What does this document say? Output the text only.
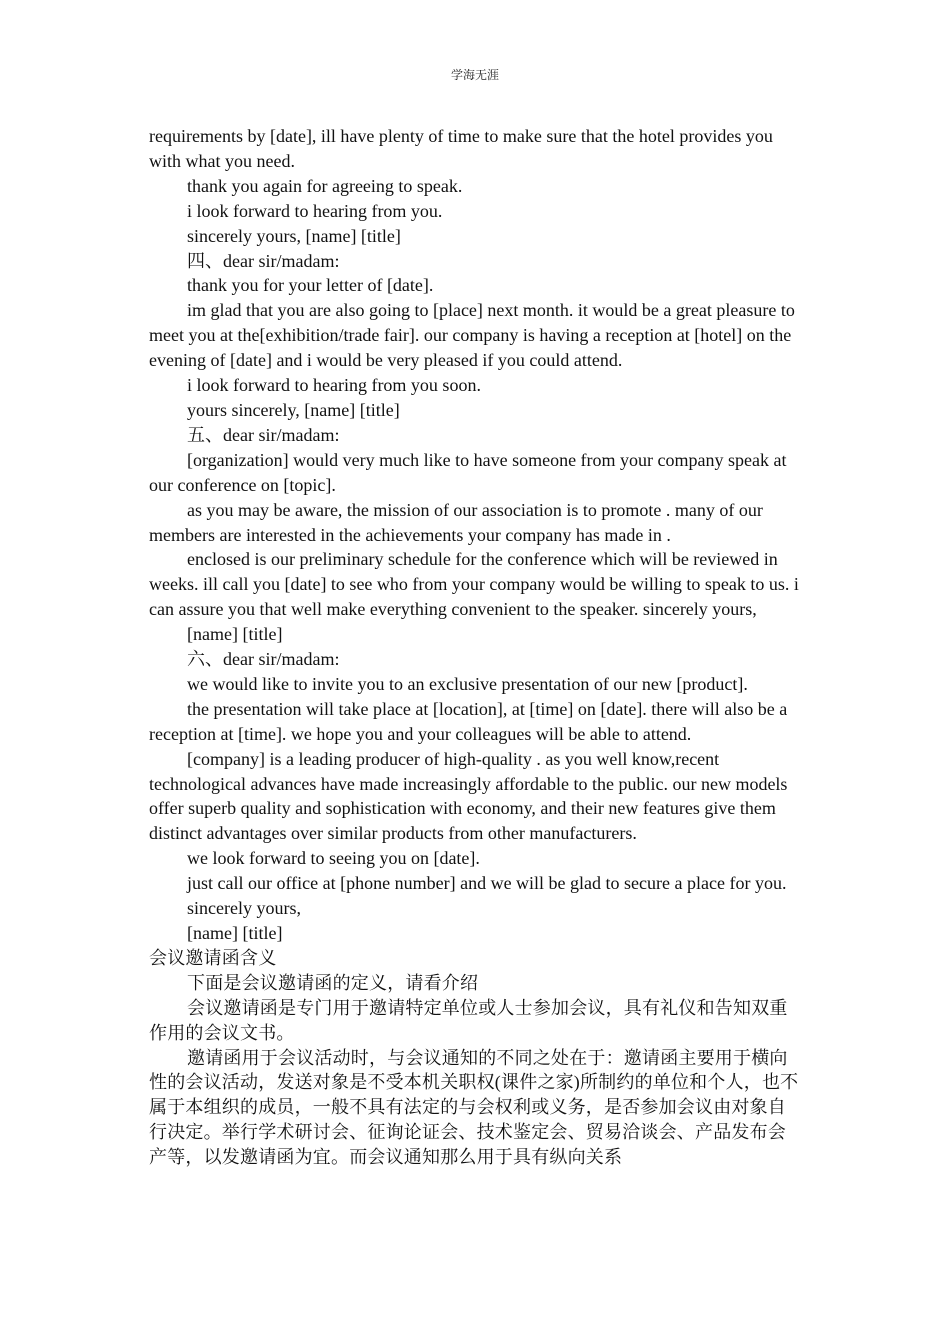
学海无涯

requirements by [date], ill have plenty of time to make sure that the hotel provides you with what you need.

thank you again for agreeing to speak.

i look forward to hearing from you.

sincerely yours, [name] [title]

四、dear sir/madam:

thank you for your letter of [date].

im glad that you are also going to [place] next month. it would be a great pleasure to meet you at the[exhibition/trade fair]. our company is having a reception at [hotel] on the evening of [date] and i would be very pleased if you could attend.

i look forward to hearing from you soon.

yours sincerely, [name] [title]

五、dear sir/madam:

[organization] would very much like to have someone from your company speak at our conference on [topic].

as you may be aware, the mission of our association is to promote . many of our members are interested in the achievements your company has made in .

enclosed is our preliminary schedule for the conference which will be reviewed in weeks. ill call you [date] to see who from your company would be willing to speak to us. i can assure you that well make everything convenient to the speaker. sincerely yours,

[name] [title]

六、dear sir/madam:

we would like to invite you to an exclusive presentation of our new [product].

the presentation will take place at [location], at [time] on [date]. there will also be a reception at [time]. we hope you and your colleagues will be able to attend.

[company] is a leading producer of high-quality . as you well know,recent technological advances have made increasingly affordable to the public. our new models offer superb quality and sophistication with economy, and their new features give them distinct advantages over similar products from other manufacturers.

we look forward to seeing you on [date].

just call our office at [phone number] and we will be glad to secure a place for you.

sincerely yours,

[name] [title]

会议邀请函含义

下面是会议邀请函的定义，请看介绍

会议邀请函是专门用于邀请特定单位或人士参加会议，具有礼仪和告知双重作用的会议文书。

邀请函用于会议活动时，与会议通知的不同之处在于：邀请函主要用于横向性的会议活动，发送对象是不受本机关职权(课件之家)所制约的单位和个人，也不属于本组织的成员，一般不具有法定的与会权利或义务，是否参加会议由对象自行决定。举行学术研讨会、征询论证会、技术鉴定会、贸易洽谈会、产品发布会产等，以发邀请函为宜。而会议通知那么用于具有纵向关系
